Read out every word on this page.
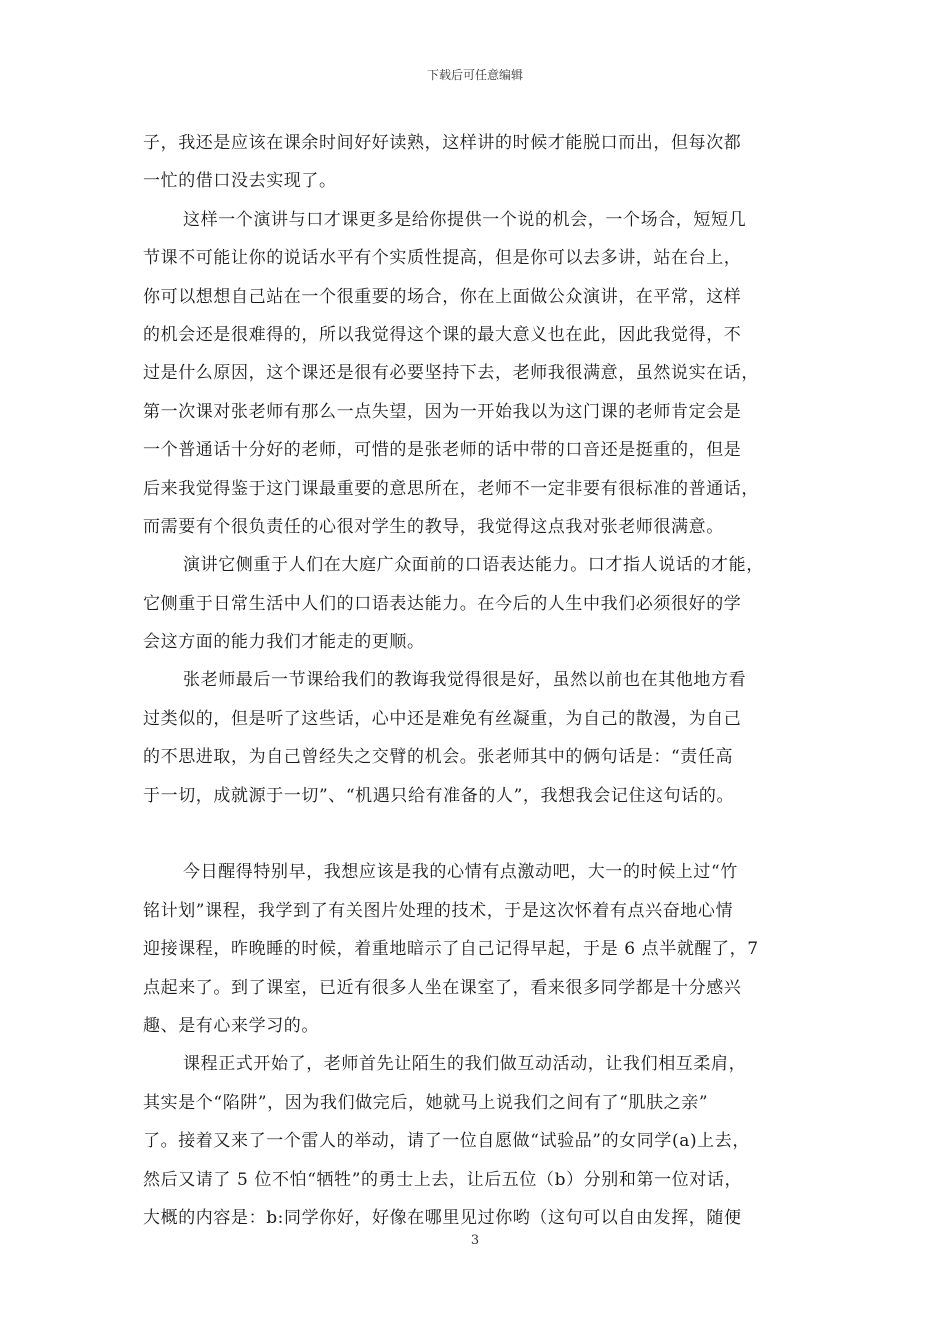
下载后可任意编辑
子，我还是应该在课余时间好好读熟，这样讲的时候才能脱口而出，但每次都
一忙的借口没去实现了。
这样一个演讲与口才课更多是给你提供一个说的机会，一个场合，短短几
节课不可能让你的说话水平有个实质性提高，但是你可以去多讲，站在台上，
你可以想想自己站在一个很重要的场合，你在上面做公众演讲，在平常，这样
的机会还是很难得的，所以我觉得这个课的最大意义也在此，因此我觉得，不
过是什么原因，这个课还是很有必要坚持下去，老师我很满意，虽然说实在话，
第一次课对张老师有那么一点失望，因为一开始我以为这门课的老师肯定会是
一个普通话十分好的老师，可惜的是张老师的话中带的口音还是挺重的，但是
后来我觉得鉴于这门课最重要的意思所在，老师不一定非要有很标准的普通话，
而需要有个很负责任的心很对学生的教导，我觉得这点我对张老师很满意。
演讲它侧重于人们在大庭广众面前的口语表达能力。口才指人说话的才能，
它侧重于日常生活中人们的口语表达能力。在今后的人生中我们必须很好的学
会这方面的能力我们才能走的更顺。
张老师最后一节课给我们的教诲我觉得很是好，虽然以前也在其他地方看
过类似的，但是听了这些话，心中还是难免有丝凝重，为自己的散漫，为自己
的不思进取，为自己曾经失之交臂的机会。张老师其中的俩句话是：“责任高
于一切，成就源于一切”、“机遇只给有准备的人”，我想我会记住这句话的。
今日醒得特别早，我想应该是我的心情有点激动吧，大一的时候上过“竹
铭计划”课程，我学到了有关图片处理的技术，于是这次怀着有点兴奋地心情
迎接课程，昨晚睡的时候，着重地暗示了自己记得早起，于是 6 点半就醒了，7
点起来了。到了课室，已近有很多人坐在课室了，看来很多同学都是十分感兴
趣、是有心来学习的。
课程正式开始了，老师首先让陌生的我们做互动活动，让我们相互柔肩，
其实是个“陷阱”，因为我们做完后，她就马上说我们之间有了“肌肤之亲”
了。接着又来了一个雷人的举动，请了一位自愿做“试验品”的女同学(a)上去，
然后又请了 5 位不怕“牺牲”的勇士上去，让后五位（b）分别和第一位对话，
大概的内容是：b:同学你好，好像在哪里见过你哟（这句可以自由发挥，随便
3
